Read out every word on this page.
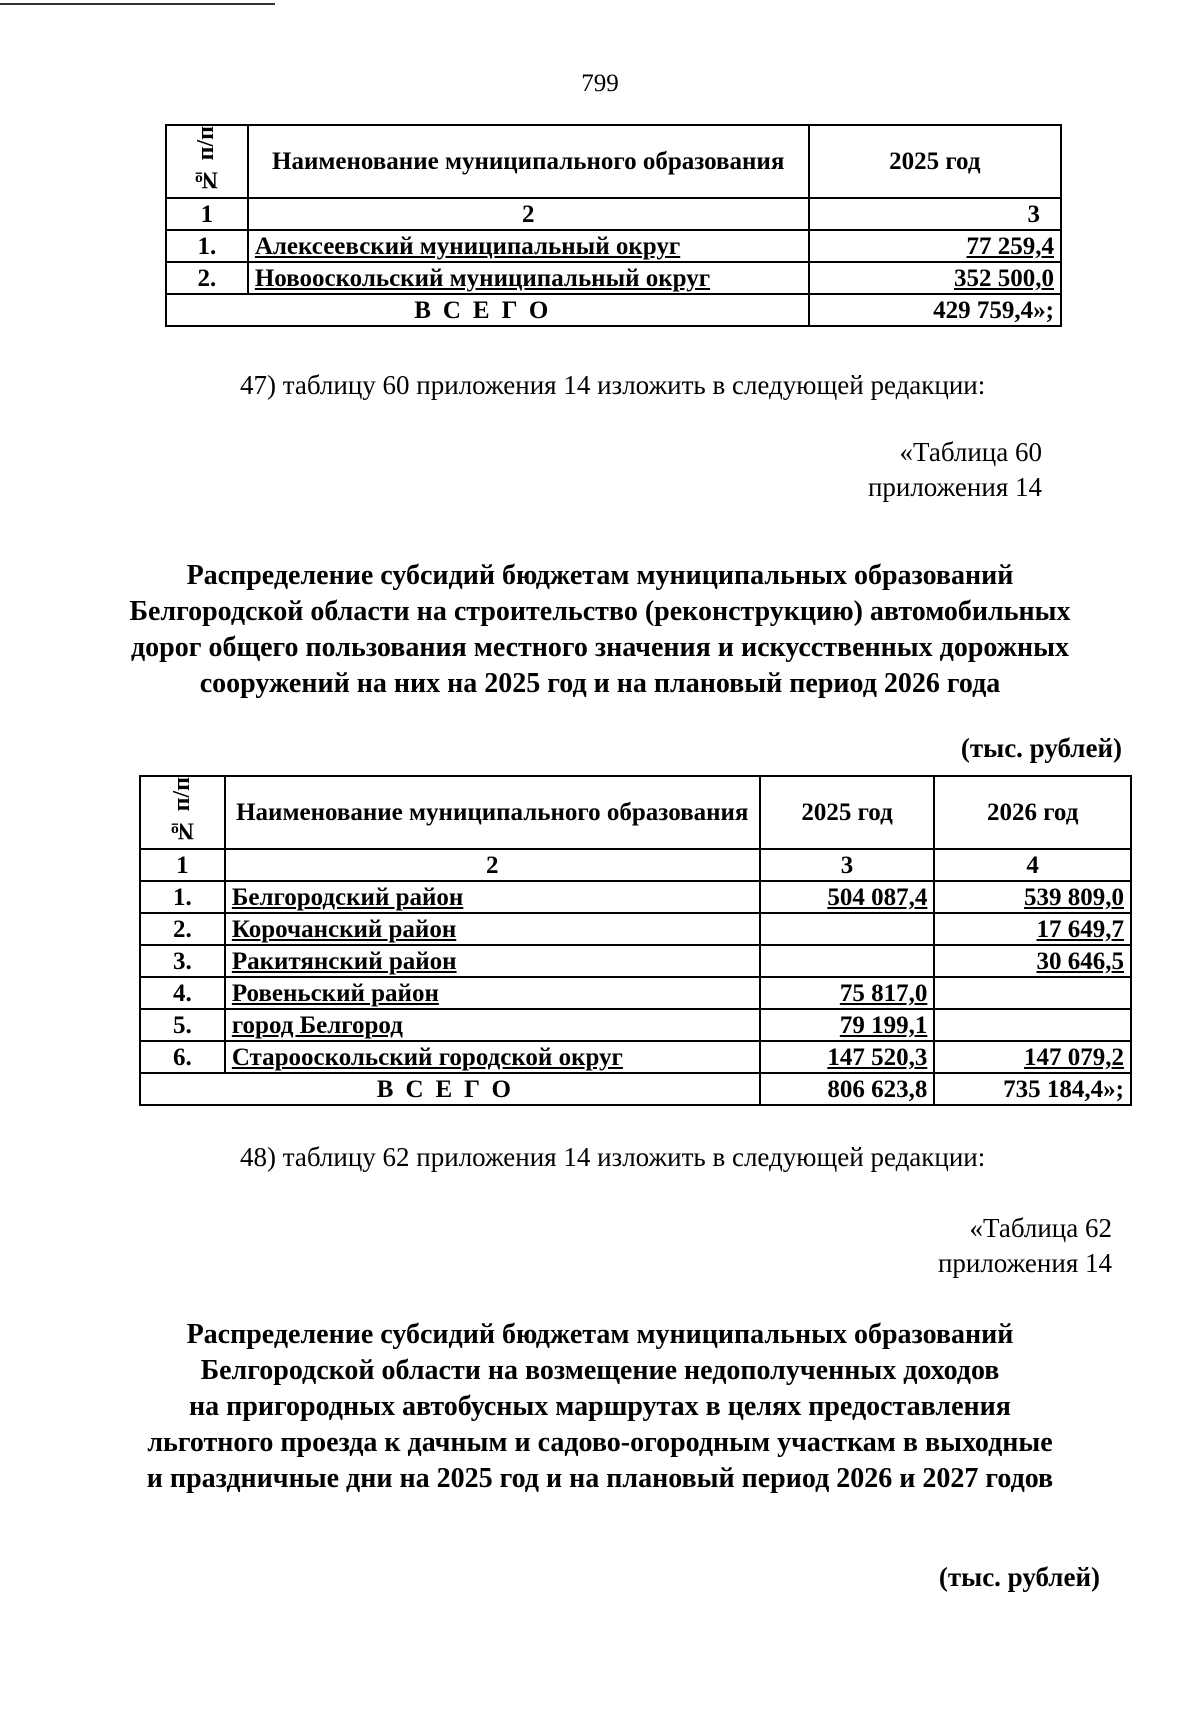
799
№ п/п	Наименование муниципального образования	2025 год
1	2	3
1.	Алексеевский муниципальный округ	77 259,4
2.	Новооскольский муниципальный округ	352 500,0
ВСЕГО		429 759,4»;
47) таблицу 60 приложения 14 изложить в следующей редакции:
«Таблица 60
приложения 14
Распределение субсидий бюджетам муниципальных образований
Белгородской области на строительство (реконструкцию) автомобильных
дорог общего пользования местного значения и искусственных дорожных
сооружений на них на 2025 год и на плановый период 2026 года
(тыс. рублей)
№ п/п	Наименование муниципального образования	2025 год	2026 год
1	2	3	4
1.	Белгородский район	504 087,4	539 809,0
2.	Корочанский район		17 649,7
3.	Ракитянский район		30 646,5
4.	Ровеньский район	75 817,0	
5.	город Белгород	79 199,1	
6.	Старооскольский городской округ	147 520,3	147 079,2
ВСЕГО		806 623,8	735 184,4»;
48) таблицу 62 приложения 14 изложить в следующей редакции:
«Таблица 62
приложения 14
Распределение субсидий бюджетам муниципальных образований
Белгородской области на возмещение недополученных доходов
на пригородных автобусных маршрутах в целях предоставления
льготного проезда к дачным и садово-огородным участкам в выходные
и праздничные дни на 2025 год и на плановый период 2026 и 2027 годов
(тыс. рублей)
